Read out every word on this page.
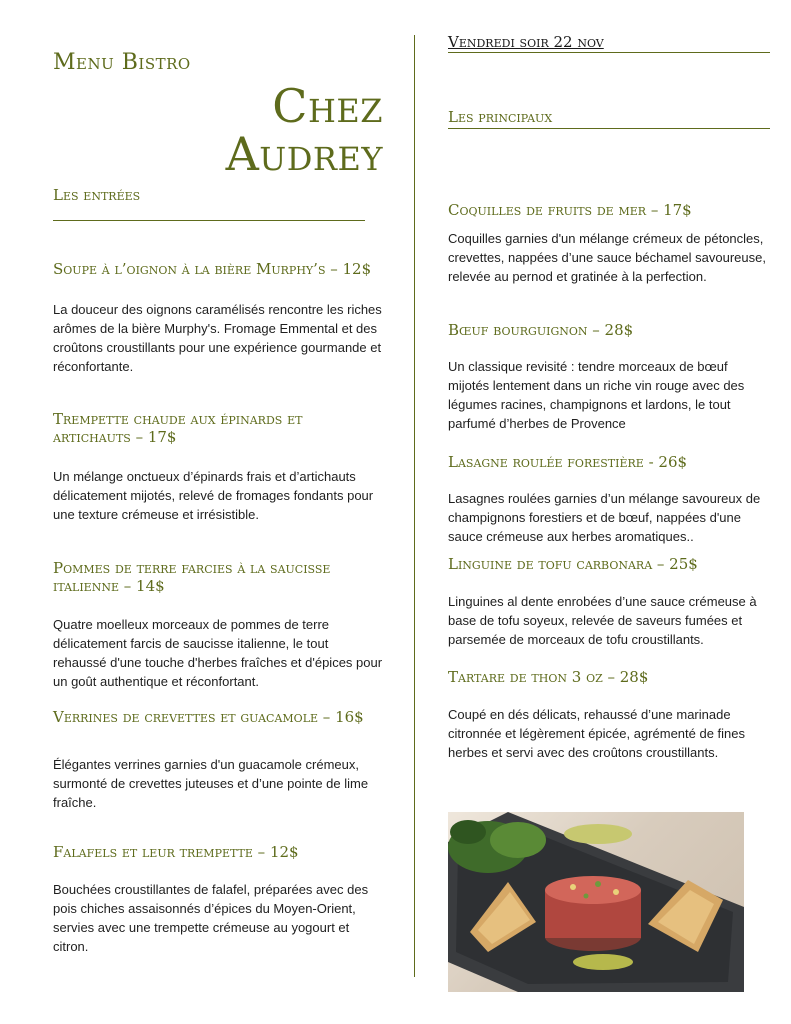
Menu Bistro

Chez
Audrey
Les entrées
Soupe à l’oignon à la bière Murphy’s – 12$

La douceur des oignons caramélisés rencontre les riches arômes de la bière Murphy's. Fromage Emmental et des croûtons croustillants pour une expérience gourmande et réconfortante.

Trempette chaude aux épinards et artichauts – 17$

Un mélange onctueux d’épinards frais et d’artichauts délicatement mijotés, relevé de fromages fondants pour une texture crémeuse et irrésistible.

Pommes de terre farcies à la saucisse italienne – 14$

Quatre moelleux morceaux de pommes de terre délicatement farcis de saucisse italienne, le tout rehaussé d'une touche d'herbes fraîches et d'épices pour un goût authentique et réconfortant.

Verrines de crevettes et guacamole – 16$

Élégantes verrines garnies d'un guacamole crémeux, surmonté de crevettes juteuses et d’une pointe de lime fraîche.

Falafels et leur trempette – 12$

Bouchées croustillantes de falafel, préparées avec des pois chiches assaisonnés d’épices du Moyen-Orient, servies avec une trempette crémeuse au yogourt et citron.

Vendredi soir 22 nov
Les principaux
Coquilles de fruits de mer – 17$

Coquilles garnies d'un mélange crémeux de pétoncles, crevettes, nappées d’une sauce béchamel savoureuse, relevée au pernod et gratinée à la perfection.

Bœuf bourguignon – 28$

Un classique revisité : tendre morceaux de bœuf mijotés lentement dans un riche vin rouge avec des légumes racines, champignons et lardons, le tout parfumé d’herbes de Provence

Lasagne roulée forestière - 26$

Lasagnes roulées garnies d’un mélange savoureux de champignons forestiers et de bœuf, nappées d'une sauce crémeuse aux herbes aromatiques..

Linguine de tofu carbonara – 25$

Linguines al dente enrobées d’une sauce crémeuse à base de tofu soyeux, relevée de saveurs fumées et parsemée de morceaux de tofu croustillants.

Tartare de thon 3 oz – 28$

Coupé en dés délicats, rehaussé d’une marinade citronnée et légèrement épicée, agrémenté de fines herbes et servi avec des croûtons croustillants.
